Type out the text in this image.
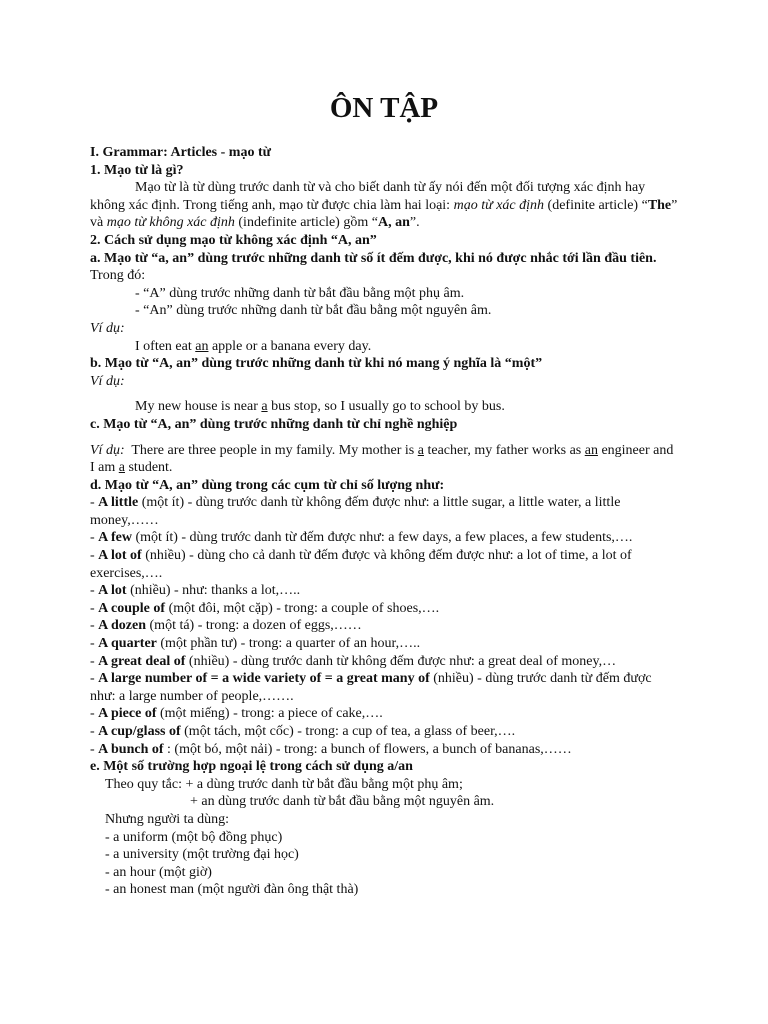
ÔN TẬP
I. Grammar: Articles - mạo từ
1. Mạo từ là gì?
Mạo từ là từ dùng trước danh từ và cho biết danh từ ấy nói đến một đối tượng xác định hay không xác định. Trong tiếng anh, mạo từ được chia làm hai loại: mạo từ xác định (definite article) “The” và mạo từ không xác định (indefinite article) gồm “A, an”.
2. Cách sử dụng mạo từ không xác định “A, an”
a. Mạo từ “a, an” dùng trước những danh từ số ít đếm được, khi nó được nhắc tới lần đầu tiên.
Trong đó:
- “A” dùng trước những danh từ bắt đầu bằng một phụ âm.
- “An” dùng trước những danh từ bắt đầu bằng một nguyên âm.
Ví dụ:
I often eat an apple or a banana every day.
b. Mạo từ “A, an” dùng trước những danh từ khi nó mang ý nghĩa là “một”
Ví dụ:
My new house is near a bus stop, so I usually go to school by bus.
c. Mạo từ “A, an” dùng trước những danh từ chỉ nghề nghiệp
Ví dụ:  There are three people in my family. My mother is a teacher, my father works as an engineer and I am a student.
d. Mạo từ “A, an” dùng trong các cụm từ chỉ số lượng như:
- A little (một ít) - dùng trước danh từ không đếm được như: a little sugar, a little water, a little money,……
- A few (một ít) - dùng trước danh từ đếm được như: a few days, a few places, a few students,….
- A lot of (nhiều) - dùng cho cả danh từ đếm được và không đếm được như: a lot of time, a lot of exercises,….
- A lot (nhiều) - như: thanks a lot,…..
- A couple of (một đôi, một cặp) - trong: a couple of shoes,….
- A dozen (một tá) - trong: a dozen of eggs,……
- A quarter (một phần tư) - trong: a quarter of an hour,…..
- A great deal of (nhiều) - dùng trước danh từ không đếm được như: a great deal of money,…
- A large number of = a wide variety of = a great many of (nhiều) - dùng trước danh từ đếm được như: a large number of people,…….
- A piece of (một miếng) - trong: a piece of cake,….
- A cup/glass of (một tách, một cốc) - trong: a cup of tea, a glass of beer,….
- A bunch of : (một bó, một nải) - trong: a bunch of flowers, a bunch of bananas,……
e. Một số trường hợp ngoại lệ trong cách sử dụng a/an
Theo quy tắc: + a dùng trước danh từ bắt đầu bằng một phụ âm;
+ an dùng trước danh từ bắt đầu bằng một nguyên âm.
Nhưng người ta dùng:
- a uniform (một bộ đồng phục)
- a university (một trường đại học)
- an hour (một giờ)
- an honest man (một người đàn ông thật thà)
